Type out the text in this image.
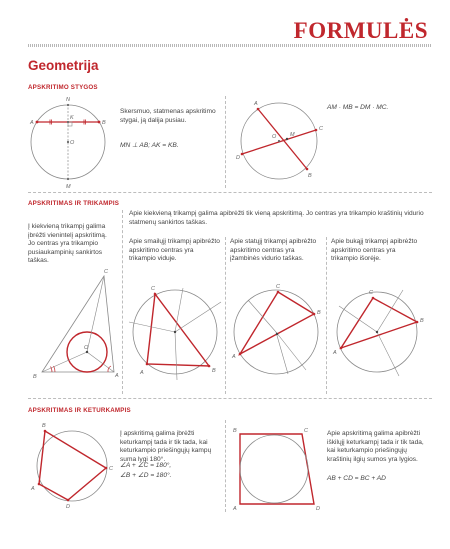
FORMULĖS
Geometrija
APSKRITIMO STYGOS
N
A
K
B
O
M
Skersmuo, statmenas apskritimo stygai, ją dalija pusiau.
MN ⊥ AB; AK = KB.
A
O M
C
D
B
AM · MB = DM · MC.
APSKRITIMAS IR TRIKAMPIS
Į kiekvieną trikampį galima įbrėžti vienintelį apskritimą. Jo centras yra trikampio pusiaukampinių sankirtos taškas.
Apie kiekvieną trikampį galima apibrėžti tik vieną apskritimą. Jo centras yra trikampio kraštinių vidurio statmenų sankirtos taškas.
Apie smailųjį trikampį apibrėžto apskritimo centras yra trikampio viduje.
Apie statųjį trikampį apibrėžto apskritimo centras yra įžambinės vidurio taškas.
Apie bukąjį trikampį apibrėžto apskritimo centras yra trikampio išorėje.
C
O
B	A
C
A	B
C
A
B
C
A
B
APSKRITIMAS IR KETURKAMPIS
B
A
C
D
Į apskritimą galima įbrėžti keturkampį tada ir tik tada, kai keturkampio priešingųjų kampų suma lygi 180°.
∠A + ∠C = 180°,
∠B + ∠D = 180°.
B	C
A	D
Apie apskritimą galima apibrėžti iškilųjį keturkampį tada ir tik tada, kai keturkampio priešingųjų kraštinių ilgių sumos yra lygios.
AB + CD = BC + AD
